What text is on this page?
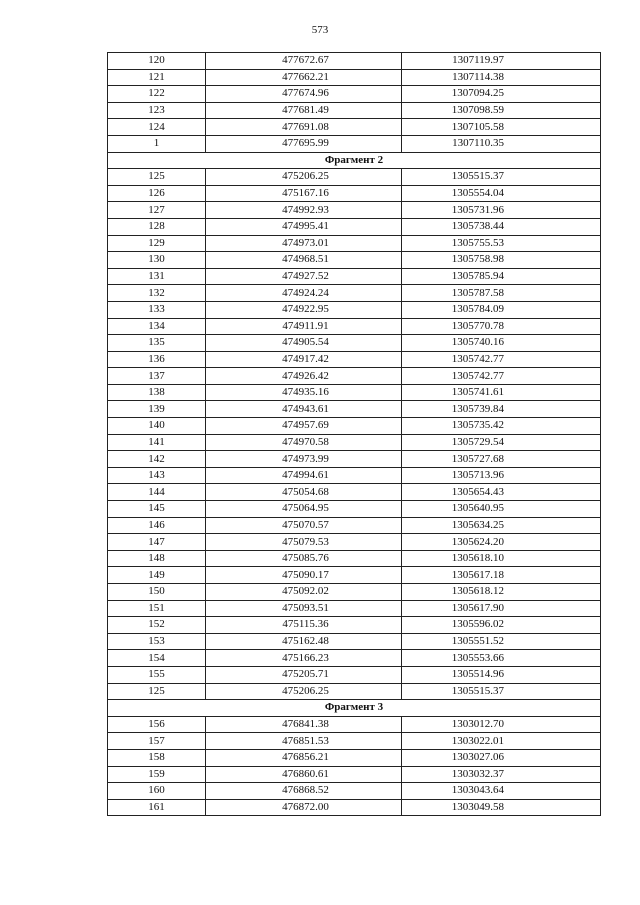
573
120	477672.67	1307119.97
121	477662.21	1307114.38
122	477674.96	1307094.25
123	477681.49	1307098.59
124	477691.08	1307105.58
1	477695.99	1307110.35
Фрагмент 2		
125	475206.25	1305515.37
126	475167.16	1305554.04
127	474992.93	1305731.96
128	474995.41	1305738.44
129	474973.01	1305755.53
130	474968.51	1305758.98
131	474927.52	1305785.94
132	474924.24	1305787.58
133	474922.95	1305784.09
134	474911.91	1305770.78
135	474905.54	1305740.16
136	474917.42	1305742.77
137	474926.42	1305742.77
138	474935.16	1305741.61
139	474943.61	1305739.84
140	474957.69	1305735.42
141	474970.58	1305729.54
142	474973.99	1305727.68
143	474994.61	1305713.96
144	475054.68	1305654.43
145	475064.95	1305640.95
146	475070.57	1305634.25
147	475079.53	1305624.20
148	475085.76	1305618.10
149	475090.17	1305617.18
150	475092.02	1305618.12
151	475093.51	1305617.90
152	475115.36	1305596.02
153	475162.48	1305551.52
154	475166.23	1305553.66
155	475205.71	1305514.96
125	475206.25	1305515.37
Фрагмент 3		
156	476841.38	1303012.70
157	476851.53	1303022.01
158	476856.21	1303027.06
159	476860.61	1303032.37
160	476868.52	1303043.64
161	476872.00	1303049.58
